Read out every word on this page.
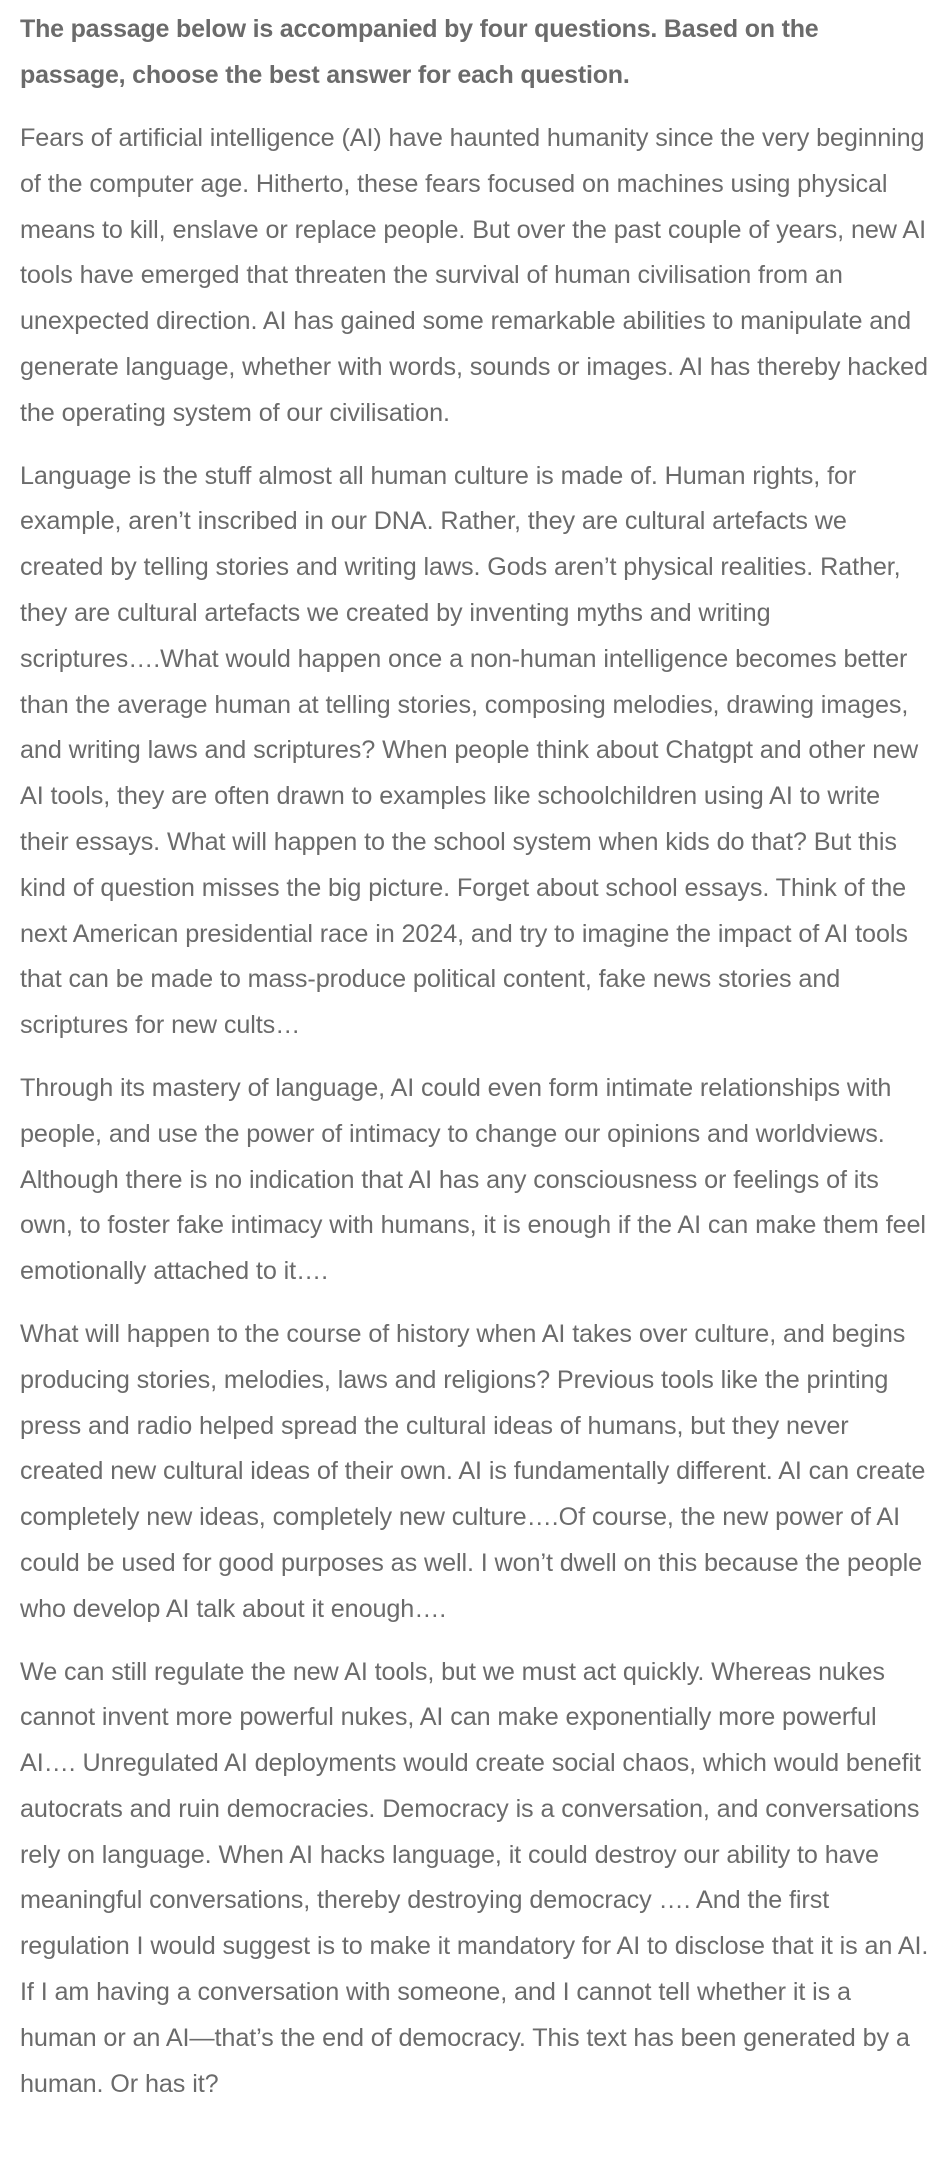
The passage below is accompanied by four questions. Based on the passage, choose the best answer for each question.

Fears of artificial intelligence (AI) have haunted humanity since the very beginning of the computer age. Hitherto, these fears focused on machines using physical means to kill, enslave or replace people. But over the past couple of years, new AI tools have emerged that threaten the survival of human civilisation from an unexpected direction. AI has gained some remarkable abilities to manipulate and generate language, whether with words, sounds or images. AI has thereby hacked the operating system of our civilisation.

Language is the stuff almost all human culture is made of. Human rights, for example, aren’t inscribed in our DNA. Rather, they are cultural artefacts we created by telling stories and writing laws. Gods aren’t physical realities. Rather, they are cultural artefacts we created by inventing myths and writing scriptures….What would happen once a non-human intelligence becomes better than the average human at telling stories, composing melodies, drawing images, and writing laws and scriptures? When people think about Chatgpt and other new AI tools, they are often drawn to examples like schoolchildren using AI to write their essays. What will happen to the school system when kids do that? But this kind of question misses the big picture. Forget about school essays. Think of the next American presidential race in 2024, and try to imagine the impact of AI tools that can be made to mass-produce political content, fake news stories and scriptures for new cults…

Through its mastery of language, AI could even form intimate relationships with people, and use the power of intimacy to change our opinions and worldviews. Although there is no indication that AI has any consciousness or feelings of its own, to foster fake intimacy with humans, it is enough if the AI can make them feel emotionally attached to it….

What will happen to the course of history when AI takes over culture, and begins producing stories, melodies, laws and religions? Previous tools like the printing press and radio helped spread the cultural ideas of humans, but they never created new cultural ideas of their own. AI is fundamentally different. AI can create completely new ideas, completely new culture….Of course, the new power of AI could be used for good purposes as well. I won’t dwell on this because the people who develop AI talk about it enough….

We can still regulate the new AI tools, but we must act quickly. Whereas nukes cannot invent more powerful nukes, AI can make exponentially more powerful AI…. Unregulated AI deployments would create social chaos, which would benefit autocrats and ruin democracies. Democracy is a conversation, and conversations rely on language. When AI hacks language, it could destroy our ability to have meaningful conversations, thereby destroying democracy …. And the first regulation I would suggest is to make it mandatory for AI to disclose that it is an AI. If I am having a conversation with someone, and I cannot tell whether it is a human or an AI—that’s the end of democracy. This text has been generated by a human. Or has it?
